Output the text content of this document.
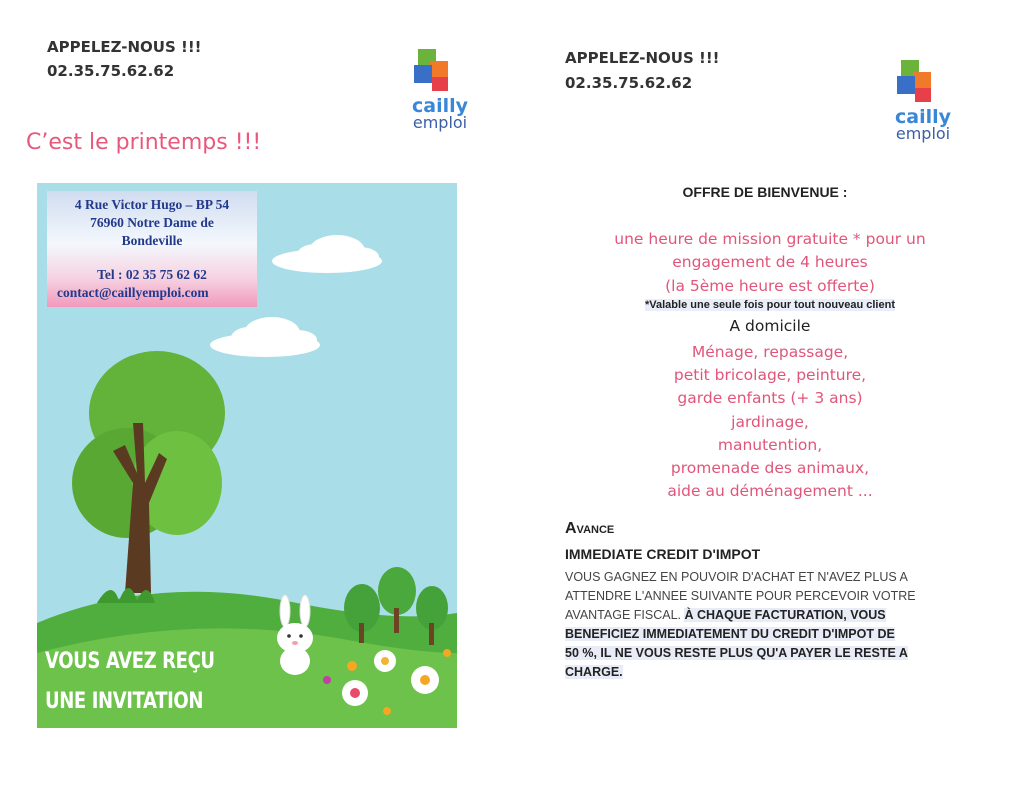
APPELEZ-NOUS !!!
02.35.75.62.62
cailly
emploi
C’est le printemps !!!
4 Rue Victor Hugo – BP 54
76960 Notre Dame de
Bondeville
Tel : 02 35 75 62 62
contact@caillyemploi.com
VOUS AVEZ REÇU
UNE INVITATION
APPELEZ-NOUS !!!
02.35.75.62.62
cailly
emploi
OFFRE DE BIENVENUE :
une heure de mission gratuite * pour un
engagement de 4 heures
(la 5ème heure est offerte)
*Valable une seule fois pour tout nouveau client
A domicile
Ménage, repassage,
petit bricolage, peinture,
garde enfants (+ 3 ans)
jardinage,
manutention,
promenade des animaux,
aide au déménagement ...
Avance
IMMEDIATE CREDIT D'IMPOT
VOUS GAGNEZ EN POUVOIR D'ACHAT ET N'AVEZ PLUS A
ATTENDRE L'ANNEE SUIVANTE POUR PERCEVOIR VOTRE
AVANTAGE FISCAL. À CHAQUE FACTURATION, VOUS
BENEFICIEZ IMMEDIATEMENT DU CREDIT D'IMPOT DE
50 %, IL NE VOUS RESTE PLUS QU'A PAYER LE RESTE A
CHARGE.
